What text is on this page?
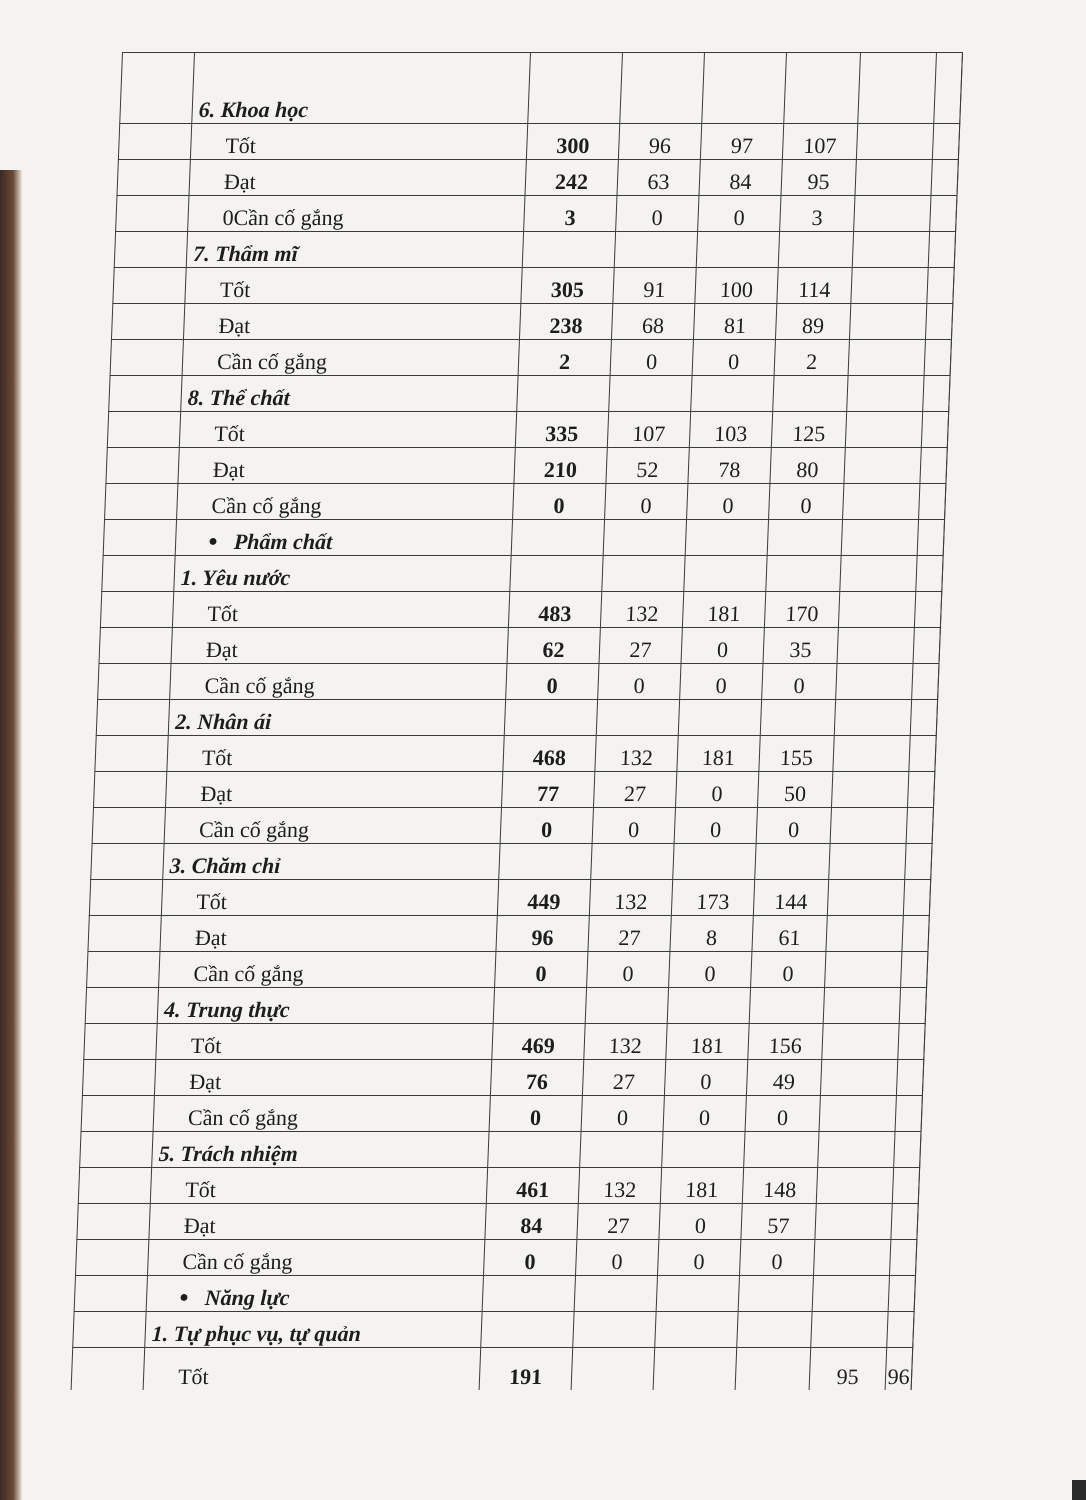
	6. Khoa học							
	Tốt	300	96	97	107			
	Đạt	242	63	84	95			
	0Cần cố gắng	3	0	0	3			
	7. Thẩm mĩ							
	Tốt	305	91	100	114			
	Đạt	238	68	81	89			
	Cần cố gắng	2	0	0	2			
	8. Thể chất							
	Tốt	335	107	103	125			
	Đạt	210	52	78	80			
	Cần cố gắng	0	0	0	0			
	● Phẩm chất							
	1. Yêu nước							
	Tốt	483	132	181	170			
	Đạt	62	27	0	35			
	Cần cố gắng	0	0	0	0			
	2. Nhân ái							
	Tốt	468	132	181	155			
	Đạt	77	27	0	50			
	Cần cố gắng	0	0	0	0			
	3. Chăm chỉ							
	Tốt	449	132	173	144			
	Đạt	96	27	8	61			
	Cần cố gắng	0	0	0	0			
	4. Trung thực							
	Tốt	469	132	181	156			
	Đạt	76	27	0	49			
	Cần cố gắng	0	0	0	0			
	5. Trách nhiệm							
	Tốt	461	132	181	148			
	Đạt	84	27	0	57			
	Cần cố gắng	0	0	0	0			
	● Năng lực							
	1. Tự phục vụ, tự quản							
	Tốt	191				95	96	
